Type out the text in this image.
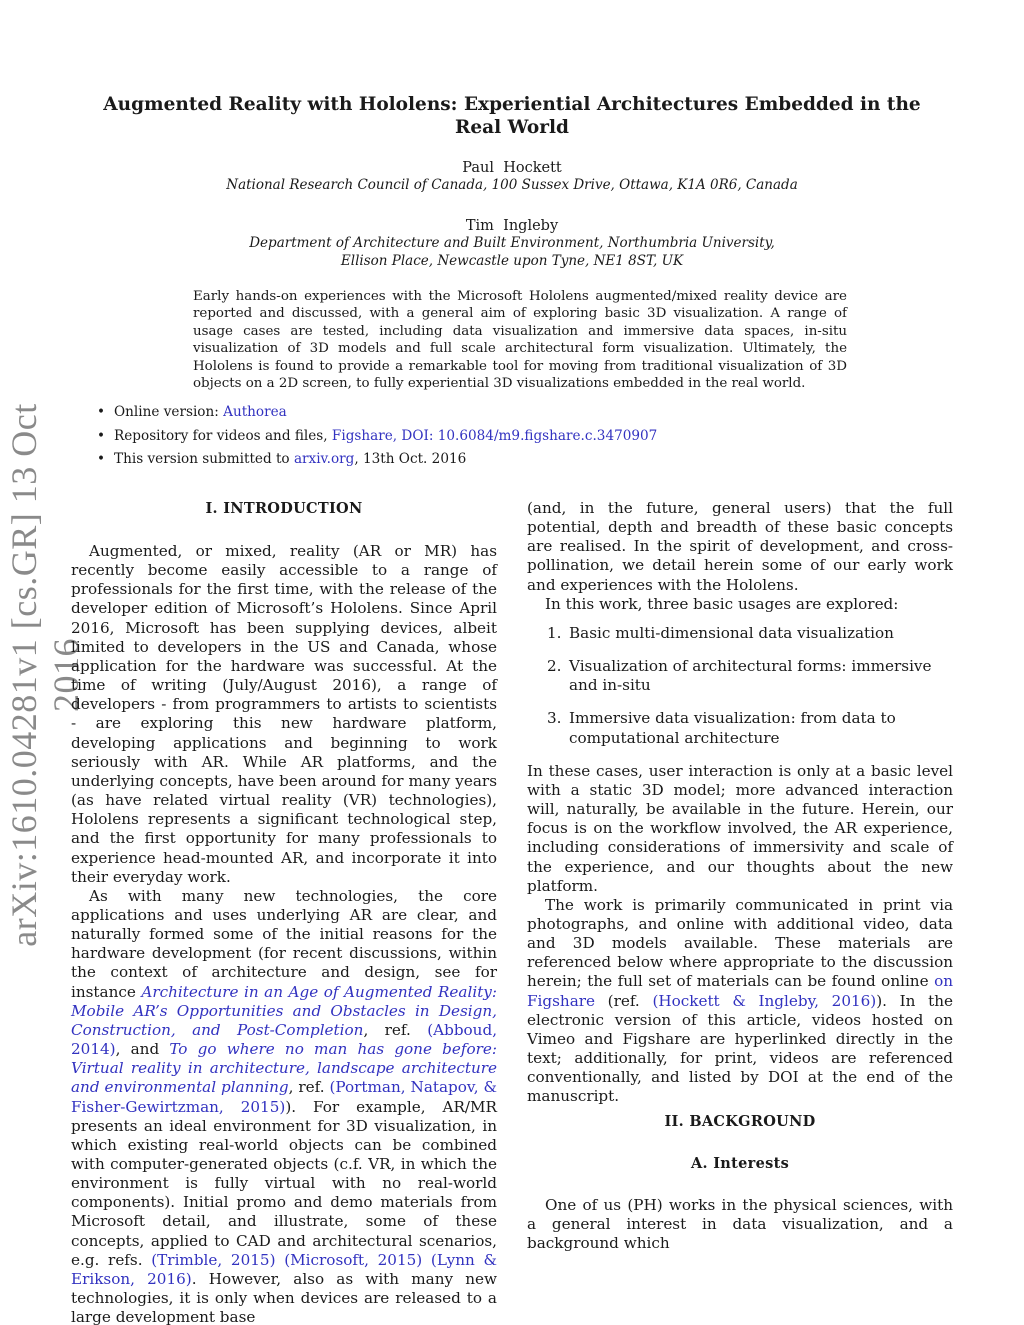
arXiv:1610.04281v1 [cs.GR] 13 Oct 2016
Augmented Reality with Hololens: Experiential Architectures Embedded in the Real World
Paul  Hockett
National Research Council of Canada, 100 Sussex Drive, Ottawa, K1A 0R6, Canada
Tim  Ingleby
Department of Architecture and Built Environment, Northumbria University,
Ellison Place, Newcastle upon Tyne, NE1 8ST, UK
Early hands-on experiences with the Microsoft Hololens augmented/mixed reality device are reported and discussed, with a general aim of exploring basic 3D visualization. A range of usage cases are tested, including data visualization and immersive data spaces, in-situ visualization of 3D models and full scale architectural form visualization. Ultimately, the Hololens is found to provide a remarkable tool for moving from traditional visualization of 3D objects on a 2D screen, to fully experiential 3D visualizations embedded in the real world.
• Online version: Authorea
• Repository for videos and files, Figshare, DOI: 10.6084/m9.figshare.c.3470907
• This version submitted to arxiv.org, 13th Oct. 2016
I. INTRODUCTION

Augmented, or mixed, reality (AR or MR) has recently become easily accessible to a range of professionals for the first time, with the release of the developer edition of Microsoft’s Hololens. Since April 2016, Microsoft has been supplying devices, albeit limited to developers in the US and Canada, whose application for the hardware was successful. At the time of writing (July/August 2016), a range of developers - from programmers to artists to scientists - are exploring this new hardware platform, developing applications and beginning to work seriously with AR. While AR platforms, and the underlying concepts, have been around for many years (as have related virtual reality (VR) technologies), Hololens represents a significant technological step, and the first opportunity for many professionals to experience head-mounted AR, and incorporate it into their everyday work.

As with many new technologies, the core applications and uses underlying AR are clear, and naturally formed some of the initial reasons for the hardware development (for recent discussions, within the context of architecture and design, see for instance Architecture in an Age of Augmented Reality: Mobile AR’s Opportunities and Obstacles in Design, Construction, and Post-Completion, ref. (Abboud, 2014), and To go where no man has gone before: Virtual reality in architecture, landscape architecture and environmental planning, ref. (Portman, Natapov, & Fisher-Gewirtzman, 2015)). For example, AR/MR presents an ideal environment for 3D visualization, in which existing real-world objects can be combined with computer-generated objects (c.f. VR, in which the environment is fully virtual with no real-world components). Initial promo and demo materials from Microsoft detail, and illustrate, some of these concepts, applied to CAD and architectural scenarios, e.g. refs. (Trimble, 2015) (Microsoft, 2015) (Lynn & Erikson, 2016). However, also as with many new technologies, it is only when devices are released to a large development base

(and, in the future, general users) that the full potential, depth and breadth of these basic concepts are realised. In the spirit of development, and cross-pollination, we detail herein some of our early work and experiences with the Hololens.

In this work, three basic usages are explored:

1. Basic multi-dimensional data visualization
2. Visualization of architectural forms: immersive and in-situ
3. Immersive data visualization: from data to computational architecture

In these cases, user interaction is only at a basic level with a static 3D model; more advanced interaction will, naturally, be available in the future. Herein, our focus is on the workflow involved, the AR experience, including considerations of immersivity and scale of the experience, and our thoughts about the new platform.

The work is primarily communicated in print via photographs, and online with additional video, data and 3D models available. These materials are referenced below where appropriate to the discussion herein; the full set of materials can be found online on Figshare (ref. (Hockett & Ingleby, 2016)). In the electronic version of this article, videos hosted on Vimeo and Figshare are hyperlinked directly in the text; additionally, for print, videos are referenced conventionally, and listed by DOI at the end of the manuscript.

II. BACKGROUND
A. Interests

One of us (PH) works in the physical sciences, with a general interest in data visualization, and a background which
